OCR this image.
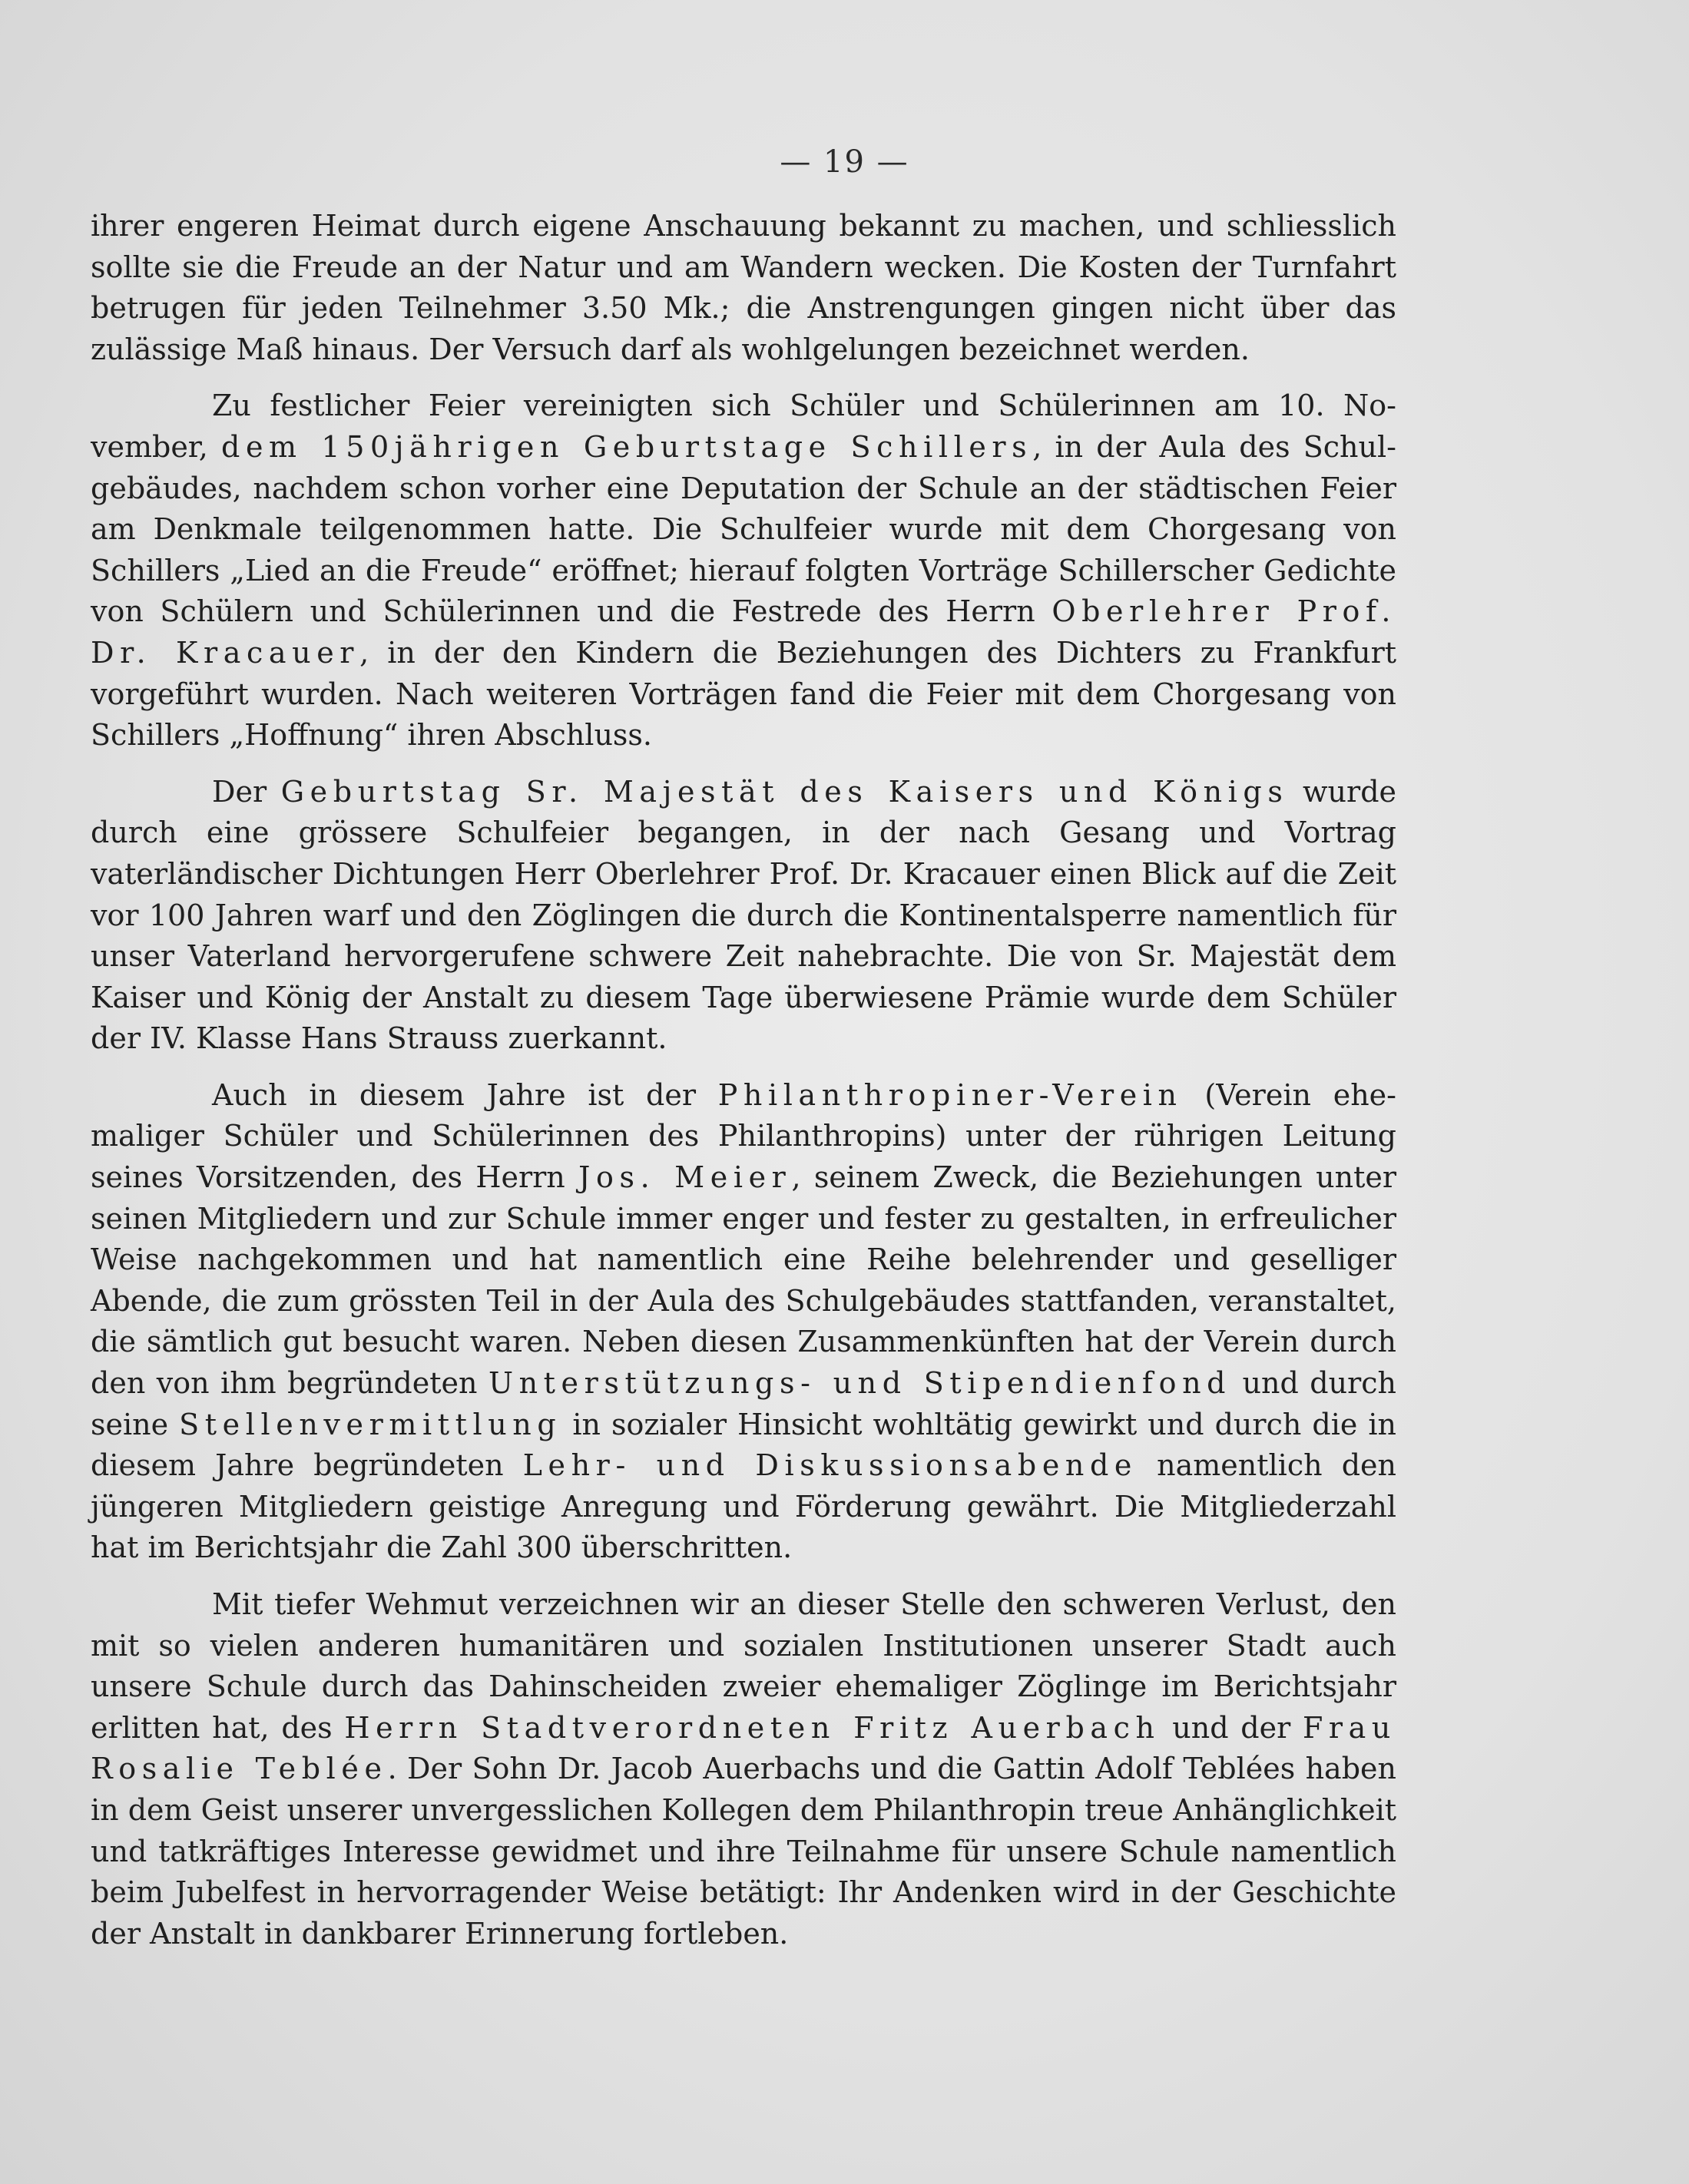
— 19 —

ihrer engeren Heimat durch eigene Anschauung bekannt zu machen, und schliesslich sollte sie die Freude an der Natur und am Wandern wecken. Die Kosten der Turnfahrt betrugen für jeden Teilnehmer 3.50 Mk.; die Anstrengungen gingen nicht über das zulässige Maß hinaus. Der Versuch darf als wohlgelungen bezeichnet werden.

Zu festlicher Feier vereinigten sich Schüler und Schülerinnen am 10. November, dem 150jährigen Geburtstage Schillers, in der Aula des Schulgebäudes, nachdem schon vorher eine Deputation der Schule an der städtischen Feier am Denkmale teilgenommen hatte. Die Schulfeier wurde mit dem Chorgesang von Schillers „Lied an die Freude“ eröffnet; hierauf folgten Vorträge Schillerscher Gedichte von Schülern und Schülerinnen und die Festrede des Herrn Oberlehrer Prof. Dr. Kracauer, in der den Kindern die Beziehungen des Dichters zu Frankfurt vorgeführt wurden. Nach weiteren Vorträgen fand die Feier mit dem Chorgesang von Schillers „Hoffnung“ ihren Abschluss.

Der Geburtstag Sr. Majestät des Kaisers und Königs wurde durch eine grössere Schulfeier begangen, in der nach Gesang und Vortrag vaterländischer Dichtungen Herr Oberlehrer Prof. Dr. Kracauer einen Blick auf die Zeit vor 100 Jahren warf und den Zöglingen die durch die Kontinentalsperre namentlich für unser Vaterland hervorgerufene schwere Zeit nahebrachte. Die von Sr. Majestät dem Kaiser und König der Anstalt zu diesem Tage überwiesene Prämie wurde dem Schüler der IV. Klasse Hans Strauss zuerkannt.

Auch in diesem Jahre ist der Philanthropiner-Verein (Verein ehemaliger Schüler und Schülerinnen des Philanthropins) unter der rührigen Leitung seines Vorsitzenden, des Herrn Jos. Meier, seinem Zweck, die Beziehungen unter seinen Mitgliedern und zur Schule immer enger und fester zu gestalten, in erfreulicher Weise nachgekommen und hat namentlich eine Reihe belehrender und geselliger Abende, die zum grössten Teil in der Aula des Schulgebäudes stattfanden, veranstaltet, die sämtlich gut besucht waren. Neben diesen Zusammenkünften hat der Verein durch den von ihm begründeten Unterstützungs- und Stipendienfond und durch seine Stellenvermittlung in sozialer Hinsicht wohltätig gewirkt und durch die in diesem Jahre begründeten Lehr- und Diskussionsabende namentlich den jüngeren Mitgliedern geistige Anregung und Förderung gewährt. Die Mitgliederzahl hat im Berichtsjahr die Zahl 300 überschritten.

Mit tiefer Wehmut verzeichnen wir an dieser Stelle den schweren Verlust, den mit so vielen anderen humanitären und sozialen Institutionen unserer Stadt auch unsere Schule durch das Dahinscheiden zweier ehemaliger Zöglinge im Berichtsjahr erlitten hat, des Herrn Stadtverordneten Fritz Auerbach und der Frau Rosalie Teblée. Der Sohn Dr. Jacob Auerbachs und die Gattin Adolf Teblées haben in dem Geist unserer unvergesslichen Kollegen dem Philanthropin treue Anhänglichkeit und tatkräftiges Interesse gewidmet und ihre Teilnahme für unsere Schule namentlich beim Jubelfest in hervorragender Weise betätigt: Ihr Andenken wird in der Geschichte der Anstalt in dankbarer Erinnerung fortleben.
